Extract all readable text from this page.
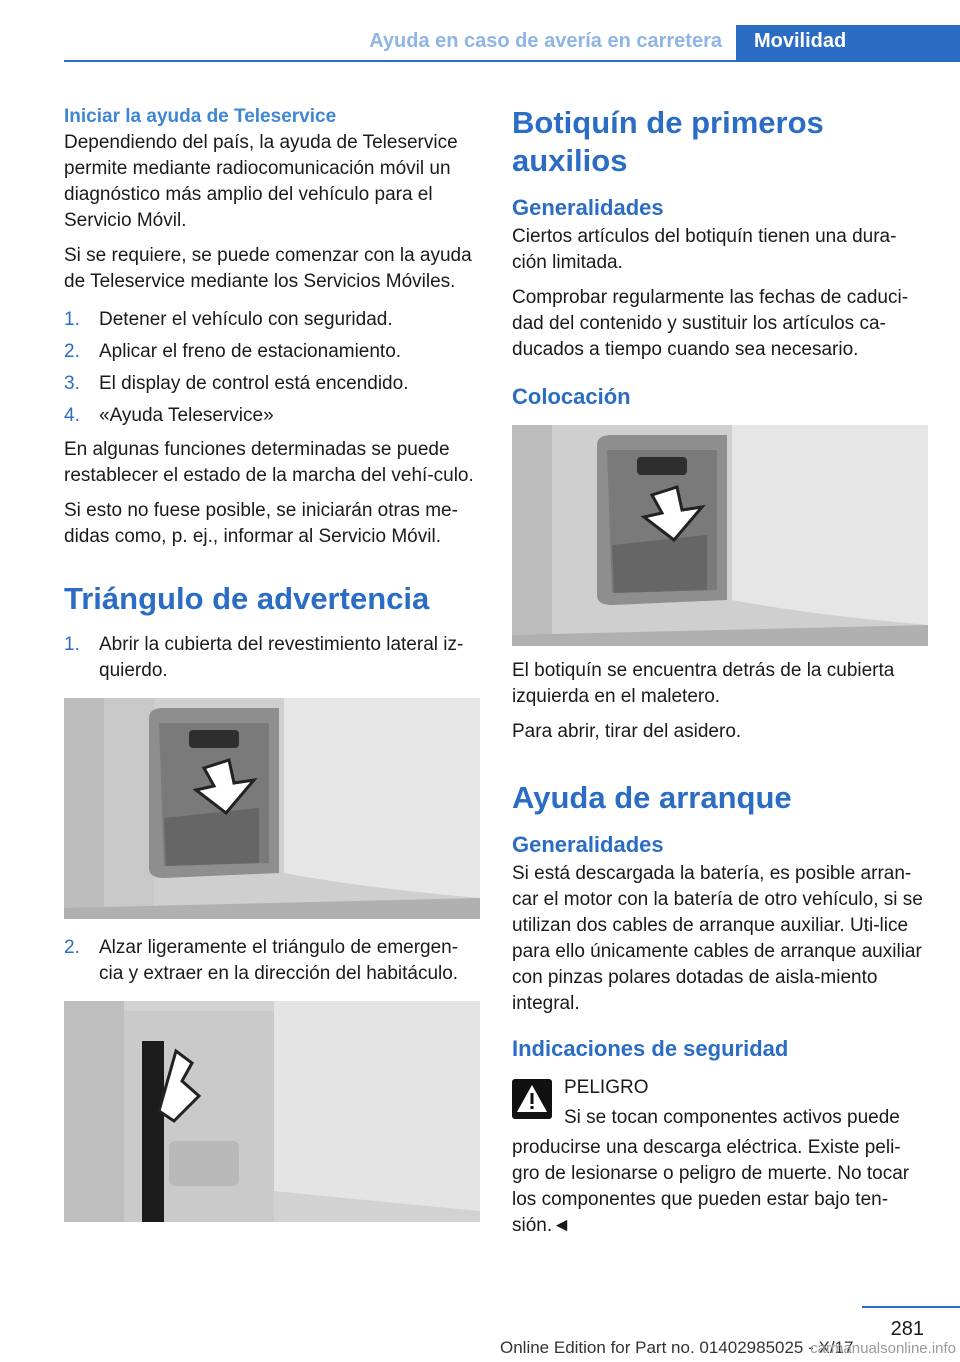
Ayuda en caso de avería en carretera	Movilidad
Iniciar la ayuda de Teleservice

Dependiendo del país, la ayuda de Teleservice permite mediante radiocomunicación móvil un diagnóstico más amplio del vehículo para el Servicio Móvil.

Si se requiere, se puede comenzar con la ayuda de Teleservice mediante los Servicios Móviles.

1. Detener el vehículo con seguridad.
2. Aplicar el freno de estacionamiento.
3. El display de control está encendido.
4. «Ayuda Teleservice»

En algunas funciones determinadas se puede restablecer el estado de la marcha del vehí‐culo.

Si esto no fuese posible, se iniciarán otras me‐didas como, p. ej., informar al Servicio Móvil.

Triángulo de advertencia
1. Abrir la cubierta del revestimiento lateral iz‐quierdo.
2. Alzar ligeramente el triángulo de emergen‐cia y extraer en la dirección del habitáculo.
Botiquín de primeros auxilios
Generalidades

Ciertos artículos del botiquín tienen una dura‐ción limitada.

Comprobar regularmente las fechas de caduci‐dad del contenido y sustituir los artículos ca‐ducados a tiempo cuando sea necesario.

Colocación

El botiquín se encuentra detrás de la cubierta izquierda en el maletero.

Para abrir, tirar del asidero.

Ayuda de arranque
Generalidades

Si está descargada la batería, es posible arran‐car el motor con la batería de otro vehículo, si se utilizan dos cables de arranque auxiliar. Uti‐lice para ello únicamente cables de arranque auxiliar con pinzas polares dotadas de aisla‐miento integral.

Indicaciones de seguridad

PELIGRO

Si se tocan componentes activos puede

producirse una descarga eléctrica. Existe peli‐gro de lesionarse o peligro de muerte. No tocar los componentes que pueden estar bajo ten‐sión.◄
281
Online Edition for Part no. 01402985025 - X/17
carmanualsonline.info
